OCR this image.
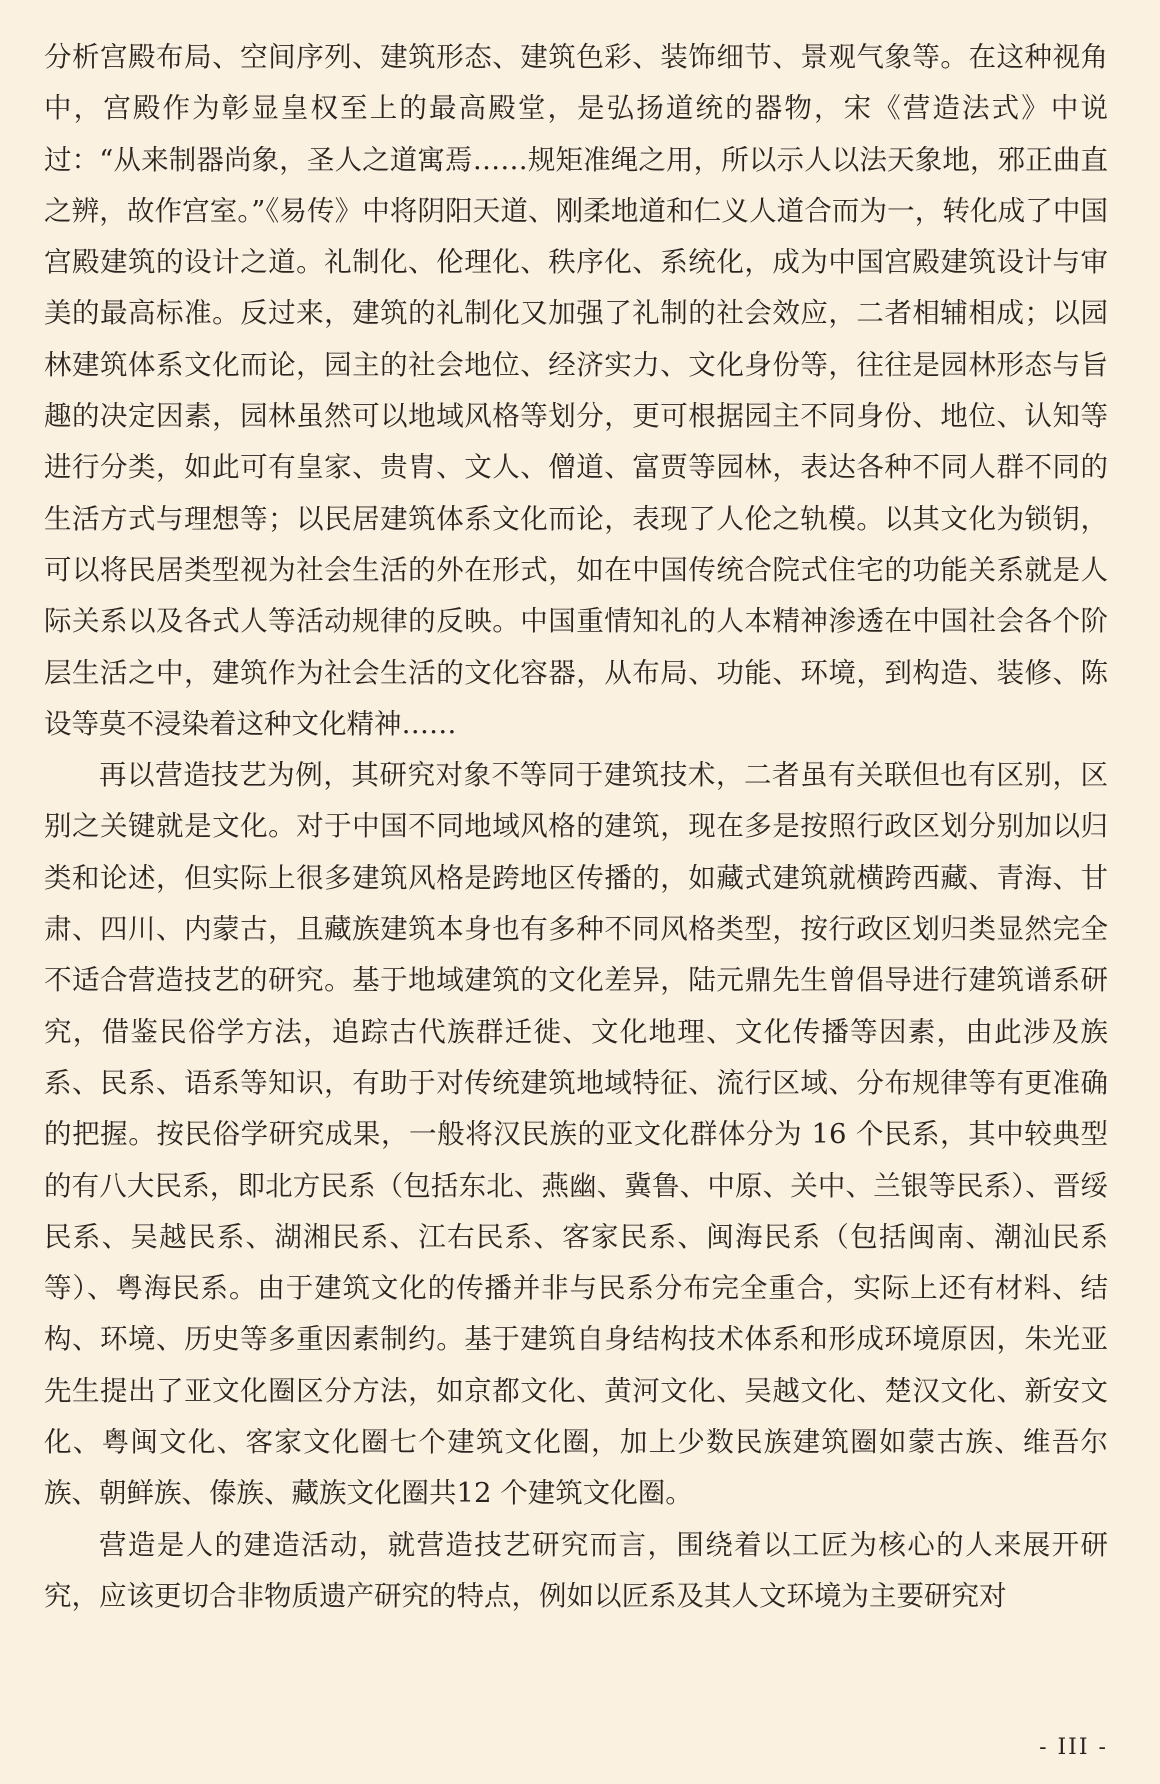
分析宫殿布局、空间序列、建筑形态、建筑色彩、装饰细节、景观气象等。在这种视角中，宫殿作为彰显皇权至上的最高殿堂，是弘扬道统的器物，宋《营造法式》中说过：“从来制器尚象，圣人之道寓焉……规矩准绳之用，所以示人以法天象地，邪正曲直之辨，故作宫室。”《易传》中将阴阳天道、刚柔地道和仁义人道合而为一，转化成了中国宫殿建筑的设计之道。礼制化、伦理化、秩序化、系统化，成为中国宫殿建筑设计与审美的最高标准。反过来，建筑的礼制化又加强了礼制的社会效应，二者相辅相成；以园林建筑体系文化而论，园主的社会地位、经济实力、文化身份等，往往是园林形态与旨趣的决定因素，园林虽然可以地域风格等划分，更可根据园主不同身份、地位、认知等进行分类，如此可有皇家、贵胄、文人、僧道、富贾等园林，表达各种不同人群不同的生活方式与理想等；以民居建筑体系文化而论，表现了人伦之轨模。以其文化为锁钥，可以将民居类型视为社会生活的外在形式，如在中国传统合院式住宅的功能关系就是人际关系以及各式人等活动规律的反映。中国重情知礼的人本精神渗透在中国社会各个阶层生活之中，建筑作为社会生活的文化容器，从布局、功能、环境，到构造、装修、陈设等莫不浸染着这种文化精神……

再以营造技艺为例，其研究对象不等同于建筑技术，二者虽有关联但也有区别，区别之关键就是文化。对于中国不同地域风格的建筑，现在多是按照行政区划分别加以归类和论述，但实际上很多建筑风格是跨地区传播的，如藏式建筑就横跨西藏、青海、甘肃、四川、内蒙古，且藏族建筑本身也有多种不同风格类型，按行政区划归类显然完全不适合营造技艺的研究。基于地域建筑的文化差异，陆元鼎先生曾倡导进行建筑谱系研究，借鉴民俗学方法，追踪古代族群迁徙、文化地理、文化传播等因素，由此涉及族系、民系、语系等知识，有助于对传统建筑地域特征、流行区域、分布规律等有更准确的把握。按民俗学研究成果，一般将汉民族的亚文化群体分为 16 个民系，其中较典型的有八大民系，即北方民系（包括东北、燕幽、冀鲁、中原、关中、兰银等民系）、晋绥民系、吴越民系、湖湘民系、江右民系、客家民系、闽海民系（包括闽南、潮汕民系等）、粤海民系。由于建筑文化的传播并非与民系分布完全重合，实际上还有材料、结构、环境、历史等多重因素制约。基于建筑自身结构技术体系和形成环境原因，朱光亚先生提出了亚文化圈区分方法，如京都文化、黄河文化、吴越文化、楚汉文化、新安文化、粤闽文化、客家文化圈七个建筑文化圈，加上少数民族建筑圈如蒙古族、维吾尔族、朝鲜族、傣族、藏族文化圈共12 个建筑文化圈。

营造是人的建造活动，就营造技艺研究而言，围绕着以工匠为核心的人来展开研究，应该更切合非物质遗产研究的特点，例如以匠系及其人文环境为主要研究对

- III -
